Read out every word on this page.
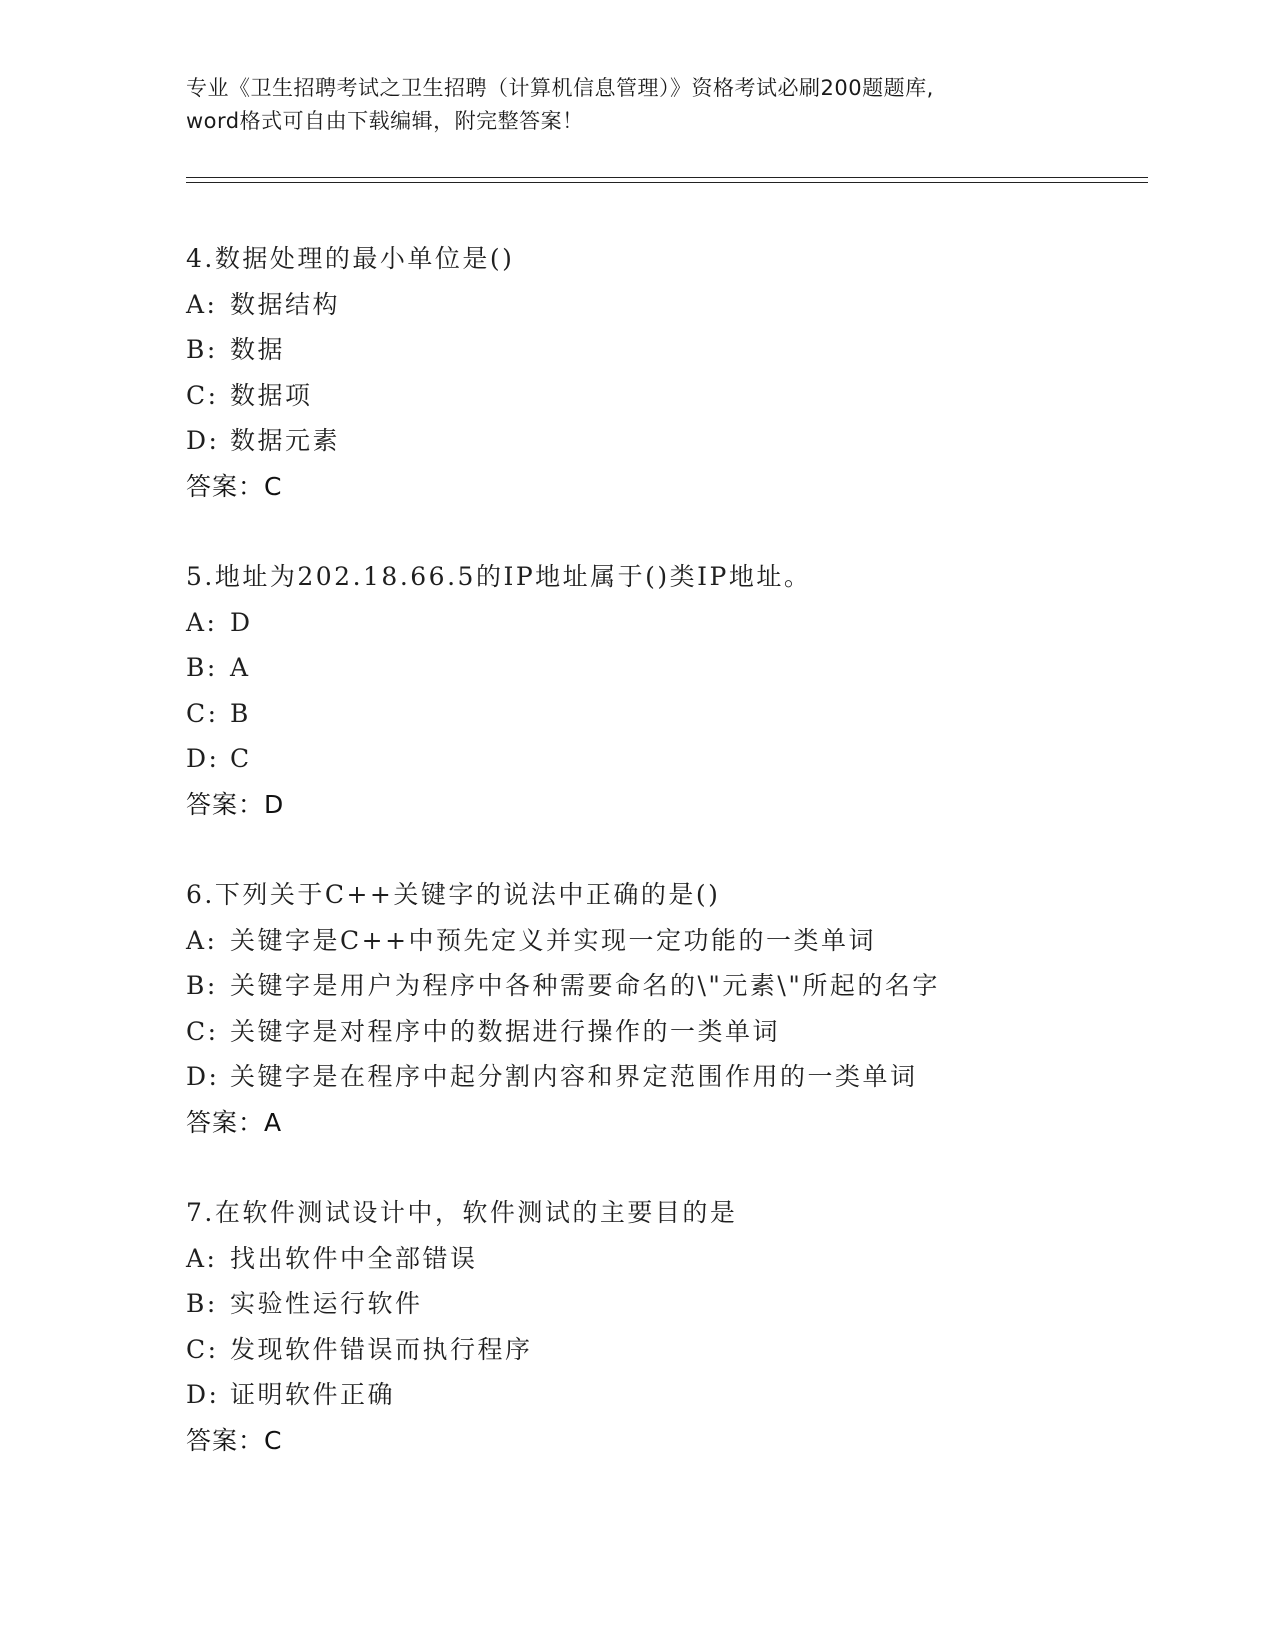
专业《卫生招聘考试之卫生招聘（计算机信息管理）》资格考试必刷200题题库,
word格式可自由下载编辑，附完整答案！
4.数据处理的最小单位是()
A: 数据结构
B: 数据
C: 数据项
D: 数据元素
答案：C
5.地址为202.18.66.5的IP地址属于()类IP地址。
A: D
B: A
C: B
D: C
答案：D
6.下列关于C++关键字的说法中正确的是()
A: 关键字是C++中预先定义并实现一定功能的一类单词
B: 关键字是用户为程序中各种需要命名的\"元素\"所起的名字
C: 关键字是对程序中的数据进行操作的一类单词
D: 关键字是在程序中起分割内容和界定范围作用的一类单词
答案：A
7.在软件测试设计中，软件测试的主要目的是
A: 找出软件中全部错误
B: 实验性运行软件
C: 发现软件错误而执行程序
D: 证明软件正确
答案：C
